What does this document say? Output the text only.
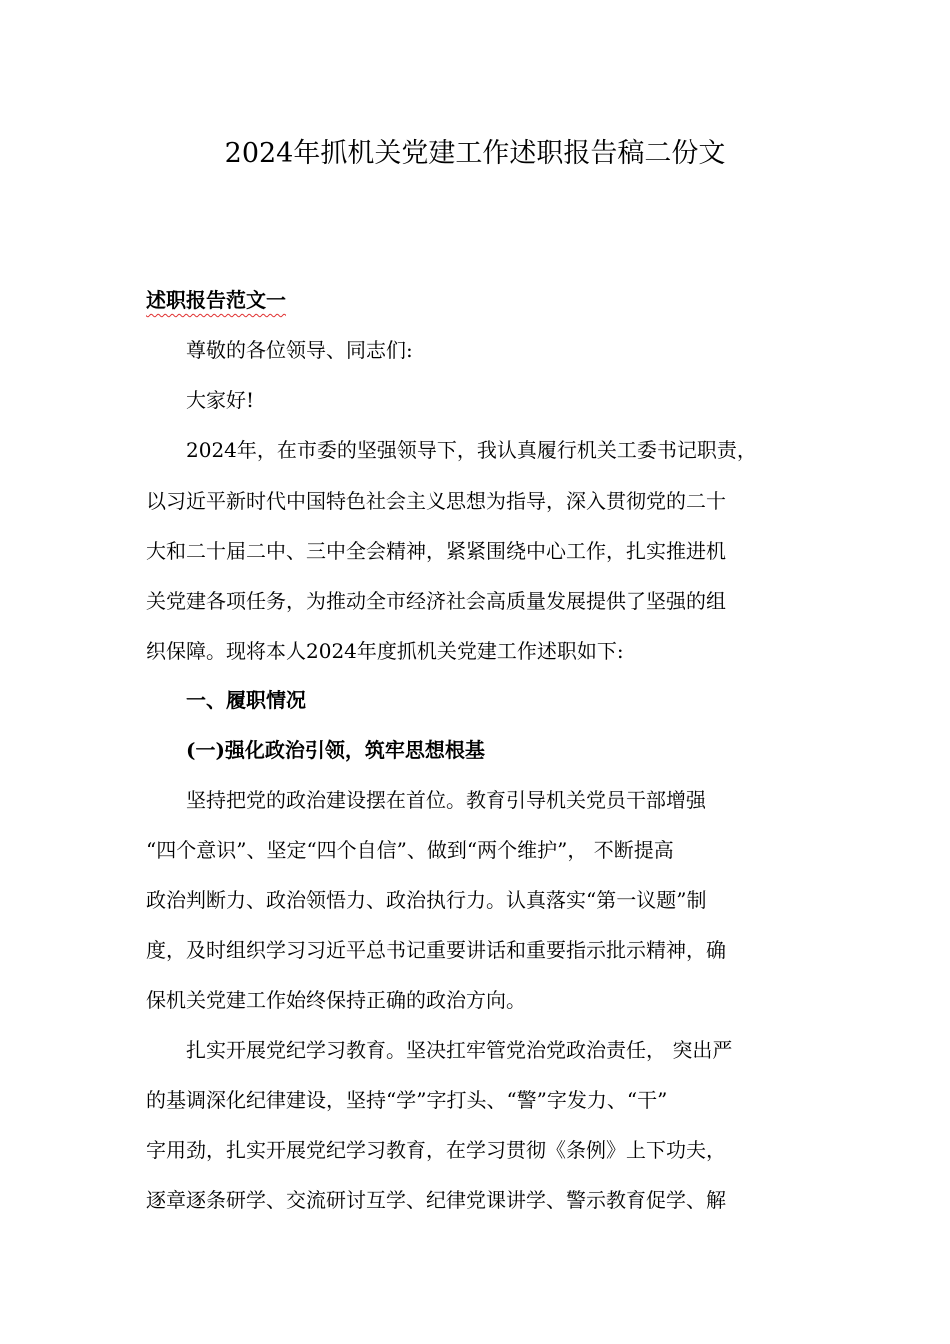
2024年抓机关党建工作述职报告稿二份文
述职报告范文一

尊敬的各位领导、同志们:

大家好!

2024年，在市委的坚强领导下，我认真履行机关工委书记职责，

以习近平新时代中国特色社会主义思想为指导，深入贯彻党的二十

大和二十届二中、三中全会精神，紧紧围绕中心工作，扎实推进机

关党建各项任务，为推动全市经济社会高质量发展提供了坚强的组

织保障。现将本人2024年度抓机关党建工作述职如下:

一、履职情况

(一)强化政治引领，筑牢思想根基

坚持把党的政治建设摆在首位。教育引导机关党员干部增强

“四个意识”、坚定“四个自信”、做到“两个维护”， 不断提高

政治判断力、政治领悟力、政治执行力。认真落实“第一议题”制

度，及时组织学习习近平总书记重要讲话和重要指示批示精神，确

保机关党建工作始终保持正确的政治方向。

扎实开展党纪学习教育。坚决扛牢管党治党政治责任， 突出严

的基调深化纪律建设，坚持“学”字打头、“警”字发力、“干”

字用劲，扎实开展党纪学习教育，在学习贯彻《条例》上下功夫，

逐章逐条研学、交流研讨互学、纪律党课讲学、警示教育促学、解
